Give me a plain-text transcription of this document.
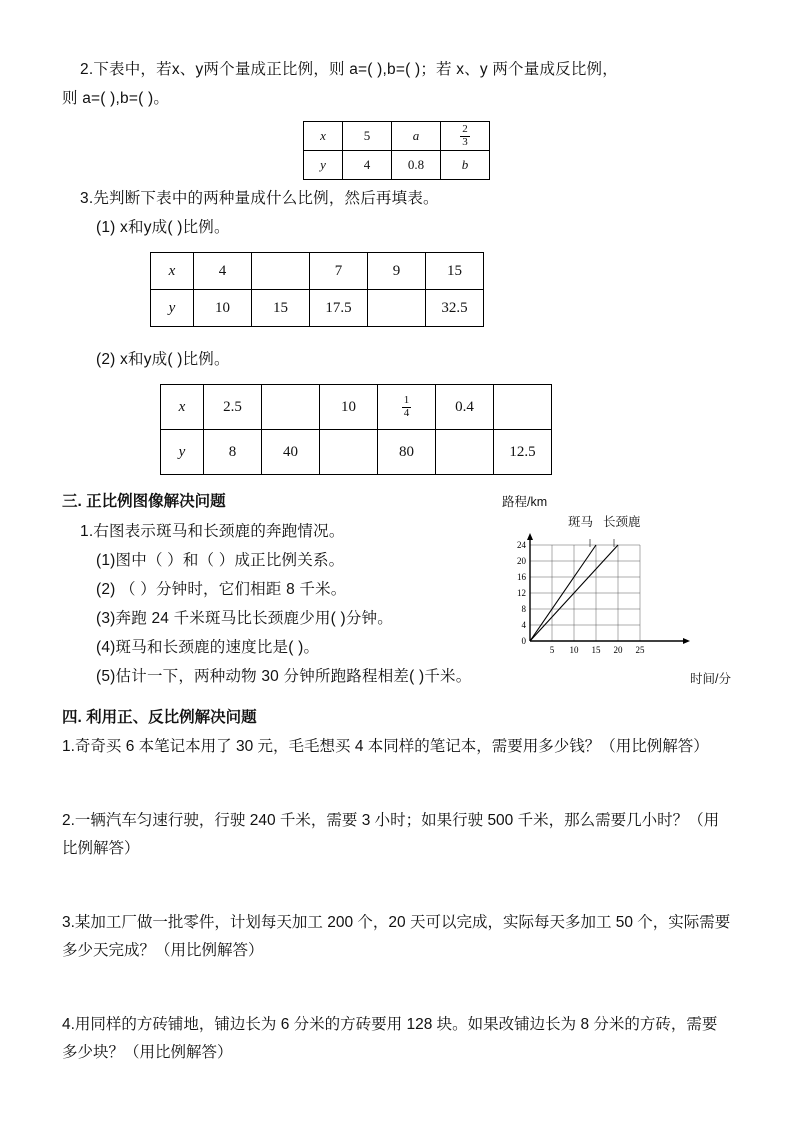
2.下表中，若x、y两个量成正比例，则 a=( ),b=( )；若 x、y 两个量成反比例，
则 a=( ),b=( )。
x	5	a	$\frac{2}{3}$

y	4	0.8	b
3.先判断下表中的两种量成什么比例，然后再填表。
(1) x和y成( )比例。
x	4		7	9	15
y	10	15	17.5		32.5
(2) x和y成( )比例。
x	2.5		10	$\frac{1}{4}$	0.4	
y	8	40		80		12.5
三. 正比例图像解决问题
1.右图表示斑马和长颈鹿的奔跑情况。
(1)图中（ ）和（ ）成正比例关系。
(2) （ ）分钟时，它们相距 8 千米。
(3)奔跑 24 千米斑马比长颈鹿少用( )分钟。
(4)斑马和长颈鹿的速度比是( )。
(5)估计一下，两种动物 30 分钟所跑路程相差( )千米。
路程/km
斑马 长颈鹿
24
20
16
12
8
4
0
5 10 15 20 25
时间/分
四. 利用正、反比例解决问题

1.奇奇买 6 本笔记本用了 30 元，毛毛想买 4 本同样的笔记本，需要用多少钱？（用比例解答）

2.一辆汽车匀速行驶，行驶 240 千米，需要 3 小时；如果行驶 500 千米，那么需要几小时？（用比例解答）

3.某加工厂做一批零件，计划每天加工 200 个，20 天可以完成，实际每天多加工 50 个，实际需要多少天完成？（用比例解答）

4.用同样的方砖铺地，铺边长为 6 分米的方砖要用 128 块。如果改铺边长为 8 分米的方砖，需要多少块？（用比例解答）
